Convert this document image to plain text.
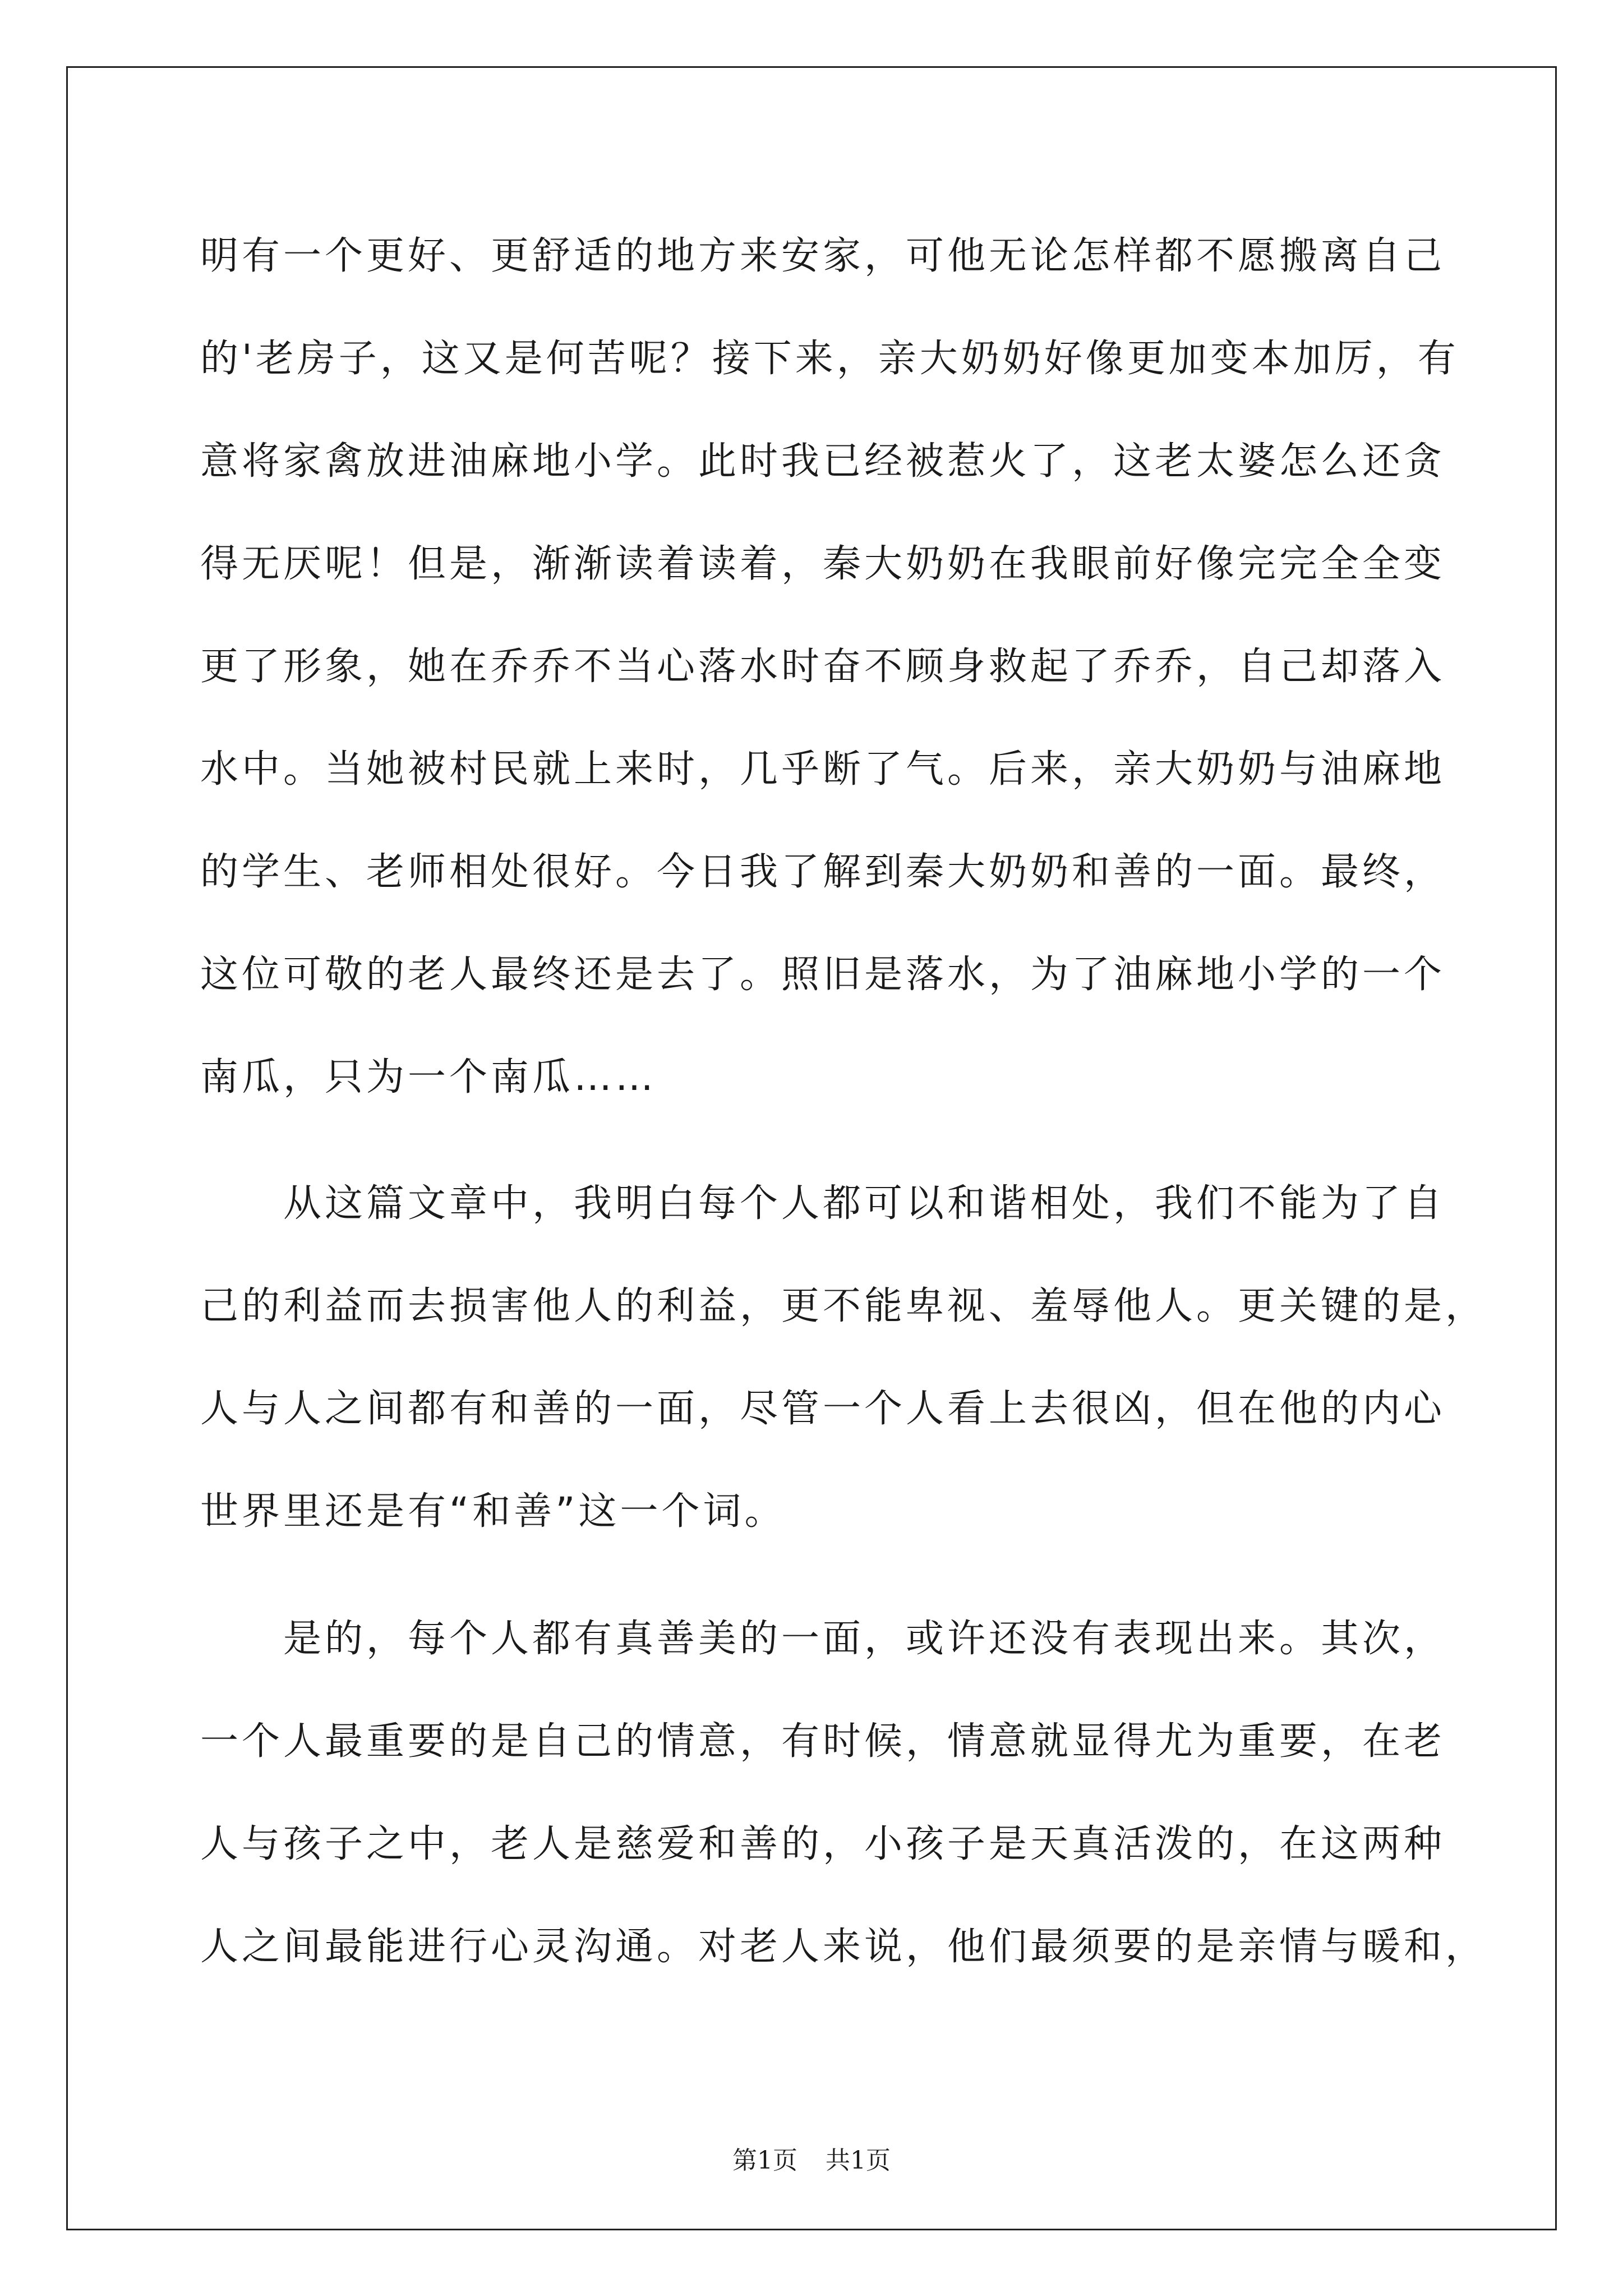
明有一个更好、更舒适的地方来安家，可他无论怎样都不愿搬离自己
的'老房子，这又是何苦呢？接下来，亲大奶奶好像更加变本加厉，有
意将家禽放进油麻地小学。此时我已经被惹火了，这老太婆怎么还贪
得无厌呢！但是，渐渐读着读着，秦大奶奶在我眼前好像完完全全变
更了形象，她在乔乔不当心落水时奋不顾身救起了乔乔，自己却落入
水中。当她被村民就上来时，几乎断了气。后来，亲大奶奶与油麻地
的学生、老师相处很好。今日我了解到秦大奶奶和善的一面。最终，
这位可敬的老人最终还是去了。照旧是落水，为了油麻地小学的一个
南瓜，只为一个南瓜……
　　从这篇文章中，我明白每个人都可以和谐相处，我们不能为了自
己的利益而去损害他人的利益，更不能卑视、羞辱他人。更关键的是，
人与人之间都有和善的一面，尽管一个人看上去很凶，但在他的内心
世界里还是有“和善”这一个词。
　　是的，每个人都有真善美的一面，或许还没有表现出来。其次，
一个人最重要的是自己的情意，有时候，情意就显得尤为重要，在老
人与孩子之中，老人是慈爱和善的，小孩子是天真活泼的，在这两种
人之间最能进行心灵沟通。对老人来说，他们最须要的是亲情与暖和，
第1页 共1页
